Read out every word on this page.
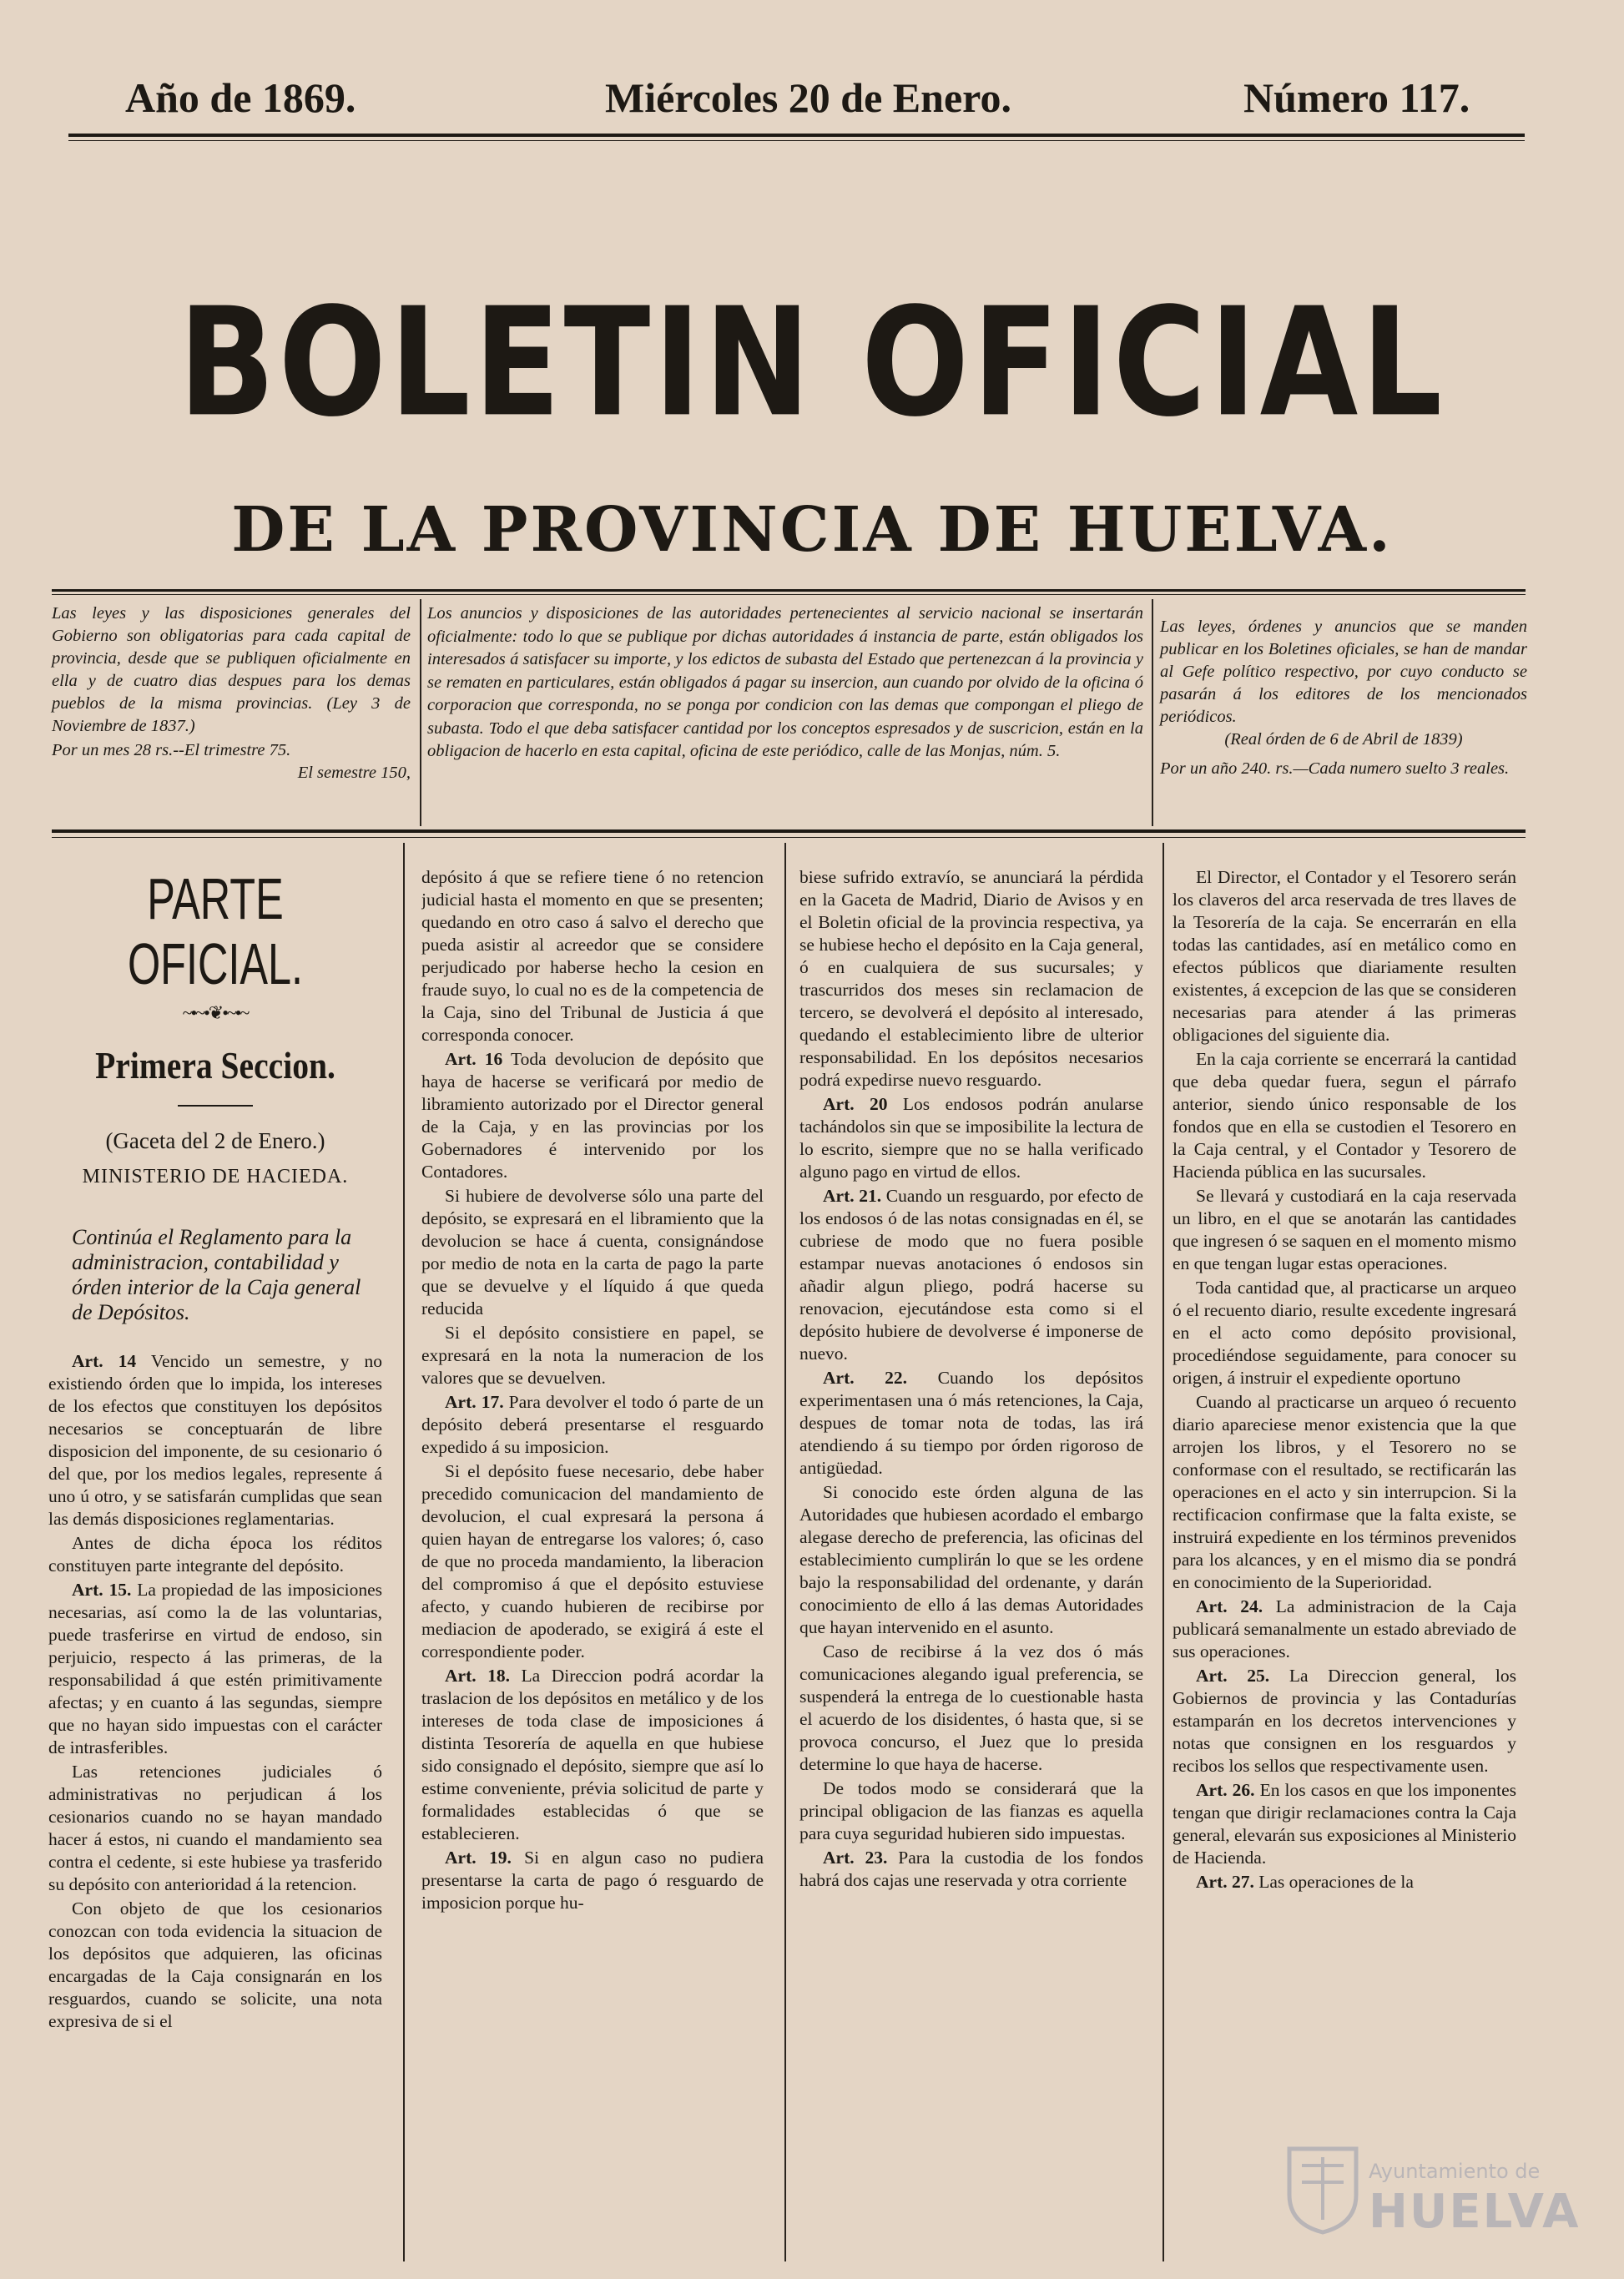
Año de 1869.	Miércoles 20 de Enero.	Número 117.
BOLETIN OFICIAL
DE LA PROVINCIA DE HUELVA.
Las leyes y las disposiciones generales del Gobierno son obligatorias para cada capital de provincia, desde que se publiquen oficialmente en ella y de cuatro dias despues para los demas pueblos de la misma provincias. (Ley 3 de Noviembre de 1837.)
Por un mes 28 rs.--El trimestre 75.
El semestre 150,
Los anuncios y disposiciones de las autoridades pertenecientes al servicio nacional se insertarán oficialmente: todo lo que se publique por dichas autoridades á instancia de parte, están obligados los interesados á satisfacer su importe, y los edictos de subasta del Estado que pertenezcan á la provincia y se rematen en particulares, están obligados á pagar su insercion, aun cuando por olvido de la oficina ó corporacion que corresponda, no se ponga por condicion con las demas que compongan el pliego de subasta. Todo el que deba satisfacer cantidad por los conceptos espresados y de suscricion, están en la obligacion de hacerlo en esta capital, oficina de este periódico, calle de las Monjas, núm. 5.
Las leyes, órdenes y anuncios que se manden publicar en los Boletines oficiales, se han de mandar al Gefe político respectivo, por cuyo conducto se pasarán á los editores de los mencionados periódicos.
(Real órden de 6 de Abril de 1839)
Por un año 240. rs.—Cada numero suelto 3 reales.
PARTE OFICIAL.
~•~•❦•~•~
Primera Seccion.
(Gaceta del 2 de Enero.)
MINISTERIO DE HACIEDA.
Continúa el Reglamento para la administracion, contabilidad y órden interior de la Caja general de Depósitos.

Art. 14 Vencido un semestre, y no existiendo órden que lo impida, los intereses de los efectos que constituyen los depósitos necesarios se conceptuarán de libre disposicion del imponente, de su cesionario ó del que, por los medios legales, represente á uno ú otro, y se satisfarán cumplidas que sean las demás disposiciones reglamentarias.

Antes de dicha época los réditos constituyen parte integrante del depósito.

Art. 15. La propiedad de las imposiciones necesarias, así como la de las voluntarias, puede trasferirse en virtud de endoso, sin perjuicio, respecto á las primeras, de la responsabilidad á que estén primitivamente afectas; y en cuanto á las segundas, siempre que no hayan sido impuestas con el carácter de intrasferibles.

Las retenciones judiciales ó administrativas no perjudican á los cesionarios cuando no se hayan mandado hacer á estos, ni cuando el mandamiento sea contra el cedente, si este hubiese ya trasferido su depósito con anterioridad á la retencion.

Con objeto de que los cesionarios conozcan con toda evidencia la situacion de los depósitos que adquieren, las oficinas encargadas de la Caja consignarán en los resguardos, cuando se solicite, una nota expresiva de si el

depósito á que se refiere tiene ó no retencion judicial hasta el momento en que se presenten; quedando en otro caso á salvo el derecho que pueda asistir al acreedor que se considere perjudicado por haberse hecho la cesion en fraude suyo, lo cual no es de la competencia de la Caja, sino del Tribunal de Justicia á que corresponda conocer.

Art. 16 Toda devolucion de depósito que haya de hacerse se verificará por medio de libramiento autorizado por el Director general de la Caja, y en las provincias por los Gobernadores é intervenido por los Contadores.

Si hubiere de devolverse sólo una parte del depósito, se expresará en el libramiento que la devolucion se hace á cuenta, consignándose por medio de nota en la carta de pago la parte que se devuelve y el líquido á que queda reducida

Si el depósito consistiere en papel, se expresará en la nota la numeracion de los valores que se devuelven.

Art. 17. Para devolver el todo ó parte de un depósito deberá presentarse el resguardo expedido á su imposicion.

Si el depósito fuese necesario, debe haber precedido comunicacion del mandamiento de devolucion, el cual expresará la persona á quien hayan de entregarse los valores; ó, caso de que no proceda mandamiento, la liberacion del compromiso á que el depósito estuviese afecto, y cuando hubieren de recibirse por mediacion de apoderado, se exigirá á este el correspondiente poder.

Art. 18. La Direccion podrá acordar la traslacion de los depósitos en metálico y de los intereses de toda clase de imposiciones á distinta Tesorería de aquella en que hubiese sido consignado el depósito, siempre que así lo estime conveniente, prévia solicitud de parte y formalidades establecidas ó que se establecieren.

Art. 19. Si en algun caso no pudiera presentarse la carta de pago ó resguardo de imposicion porque hu-

biese sufrido extravío, se anunciará la pérdida en la Gaceta de Madrid, Diario de Avisos y en el Boletin oficial de la provincia respectiva, ya se hubiese hecho el depósito en la Caja general, ó en cualquiera de sus sucursales; y trascurridos dos meses sin reclamacion de tercero, se devolverá el depósito al interesado, quedando el establecimiento libre de ulterior responsabilidad. En los depósitos necesarios podrá expedirse nuevo resguardo.

Art. 20 Los endosos podrán anularse tachándolos sin que se imposibilite la lectura de lo escrito, siempre que no se halla verificado alguno pago en virtud de ellos.

Art. 21. Cuando un resguardo, por efecto de los endosos ó de las notas consignadas en él, se cubriese de modo que no fuera posible estampar nuevas anotaciones ó endosos sin añadir algun pliego, podrá hacerse su renovacion, ejecutándose esta como si el depósito hubiere de devolverse é imponerse de nuevo.

Art. 22. Cuando los depósitos experimentasen una ó más retenciones, la Caja, despues de tomar nota de todas, las irá atendiendo á su tiempo por órden rigoroso de antigüedad.

Si conocido este órden alguna de las Autoridades que hubiesen acordado el embargo alegase derecho de preferencia, las oficinas del establecimiento cumplirán lo que se les ordene bajo la responsabilidad del ordenante, y darán conocimiento de ello á las demas Autoridades que hayan intervenido en el asunto.

Caso de recibirse á la vez dos ó más comunicaciones alegando igual preferencia, se suspenderá la entrega de lo cuestionable hasta el acuerdo de los disidentes, ó hasta que, si se provoca concurso, el Juez que lo presida determine lo que haya de hacerse.

De todos modo se considerará que la principal obligacion de las fianzas es aquella para cuya seguridad hubieren sido impuestas.

Art. 23. Para la custodia de los fondos habrá dos cajas une reservada y otra corriente

El Director, el Contador y el Tesorero serán los claveros del arca reservada de tres llaves de la Tesorería de la caja. Se encerrarán en ella todas las cantidades, así en metálico como en efectos públicos que diariamente resulten existentes, á excepcion de las que se consideren necesarias para atender á las primeras obligaciones del siguiente dia.

En la caja corriente se encerrará la cantidad que deba quedar fuera, segun el párrafo anterior, siendo único responsable de los fondos que en ella se custodien el Tesorero en la Caja central, y el Contador y Tesorero de Hacienda pública en las sucursales.

Se llevará y custodiará en la caja reservada un libro, en el que se anotarán las cantidades que ingresen ó se saquen en el momento mismo en que tengan lugar estas operaciones.

Toda cantidad que, al practicarse un arqueo ó el recuento diario, resulte excedente ingresará en el acto como depósito provisional, procediéndose seguidamente, para conocer su origen, á instruir el expediente oportuno

Cuando al practicarse un arqueo ó recuento diario apareciese menor existencia que la que arrojen los libros, y el Tesorero no se conformase con el resultado, se rectificarán las operaciones en el acto y sin interrupcion. Si la rectificacion confirmase que la falta existe, se instruirá expediente en los términos prevenidos para los alcances, y en el mismo dia se pondrá en conocimiento de la Superioridad.

Art. 24. La administracion de la Caja publicará semanalmente un estado abreviado de sus operaciones.

Art. 25. La Direccion general, los Gobiernos de provincia y las Contadurías estamparán en los decretos intervenciones y notas que consignen en los resguardos y recibos los sellos que respectivamente usen.

Art. 26. En los casos en que los imponentes tengan que dirigir reclamaciones contra la Caja general, elevarán sus exposiciones al Ministerio de Hacienda.

Art. 27. Las operaciones de la

Ayuntamiento de
HUELVA
